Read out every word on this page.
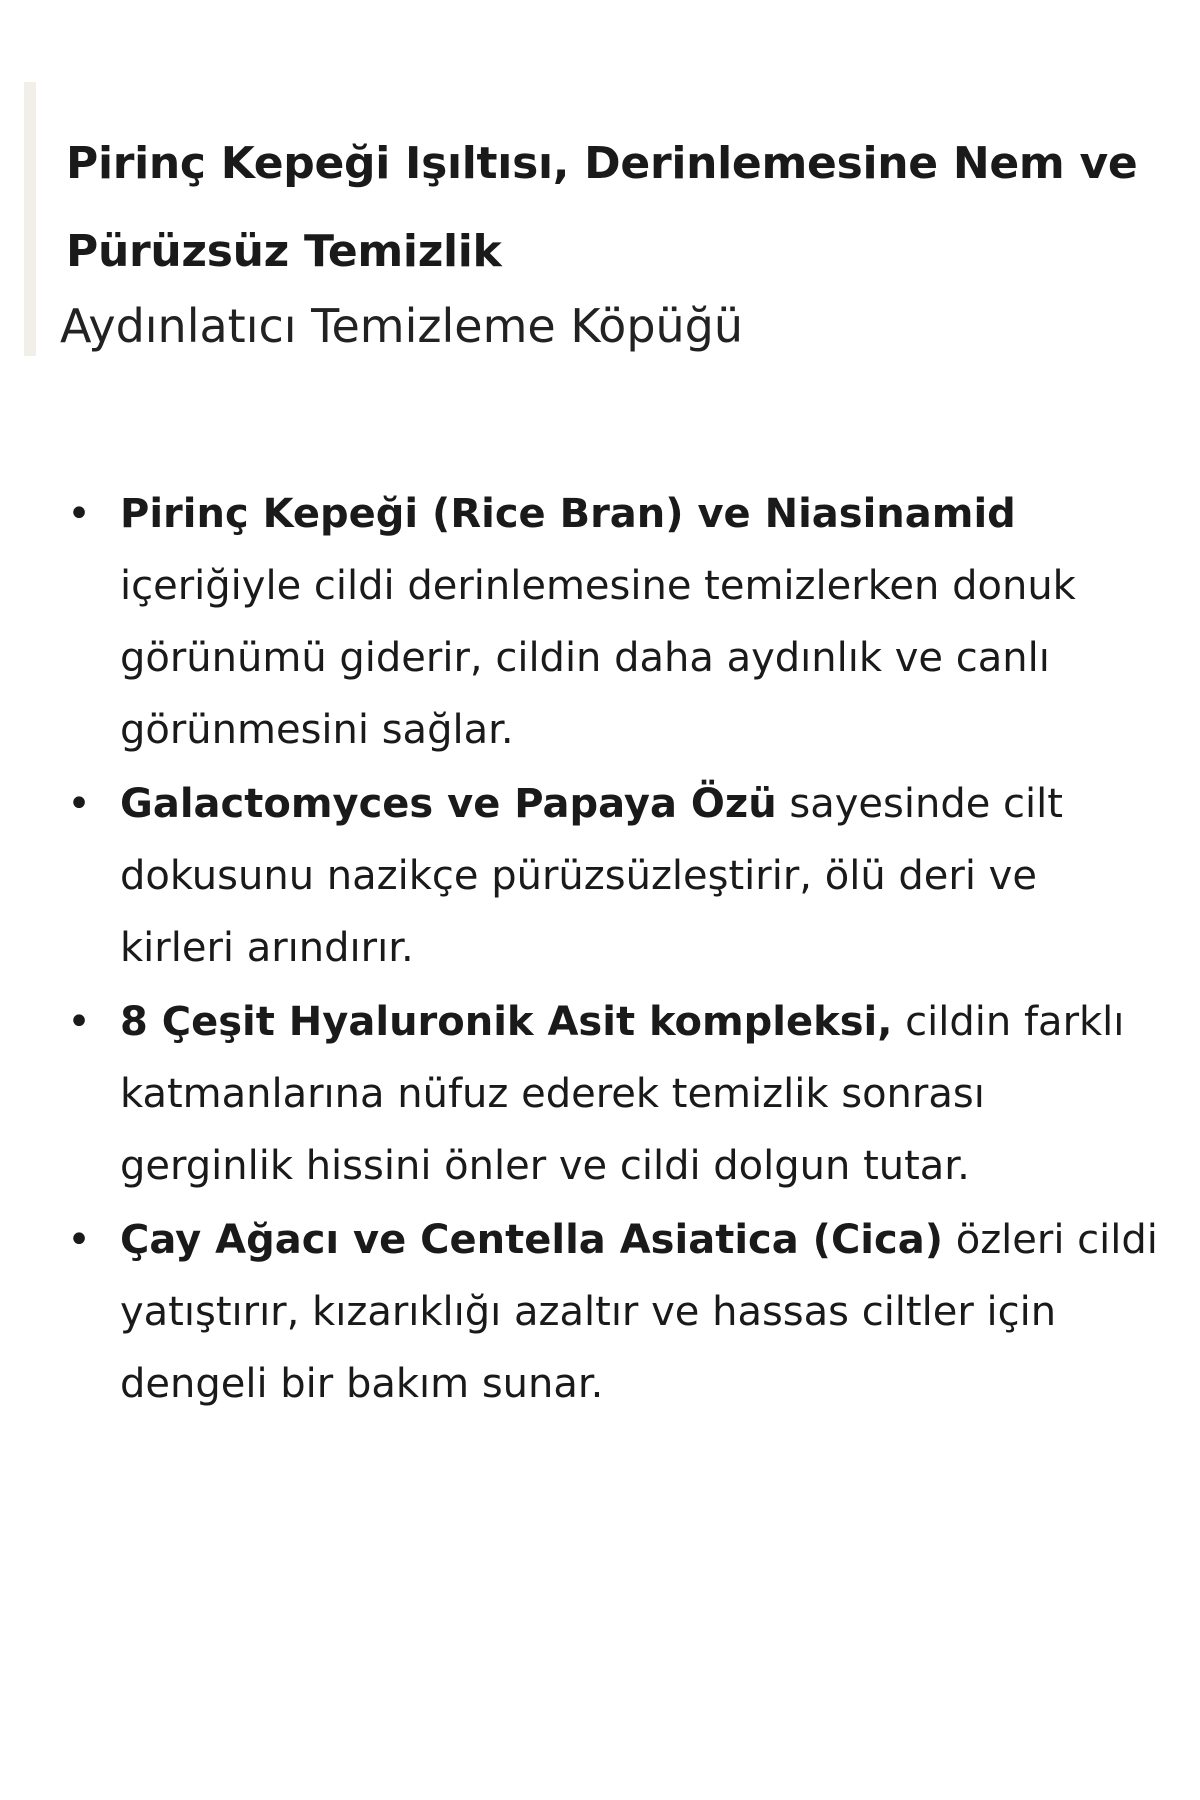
Pirinç Kepeği Işıltısı, Derinlemesine Nem ve Pürüzsüz Temizlik
Aydınlatıcı Temizleme Köpüğü
• Pirinç Kepeği (Rice Bran) ve Niasinamid içeriğiyle cildi derinlemesine temizlerken donuk görünümü giderir, cildin daha aydınlık ve canlı görünmesini sağlar.
• Galactomyces ve Papaya Özü sayesinde cilt dokusunu nazikçe pürüzsüzleştirir, ölü deri ve kirleri arındırır.
• 8 Çeşit Hyaluronik Asit kompleksi, cildin farklı katmanlarına nüfuz ederek temizlik sonrası gerginlik hissini önler ve cildi dolgun tutar.
• Çay Ağacı ve Centella Asiatica (Cica) özleri cildi yatıştırır, kızarıklığı azaltır ve hassas ciltler için dengeli bir bakım sunar.
